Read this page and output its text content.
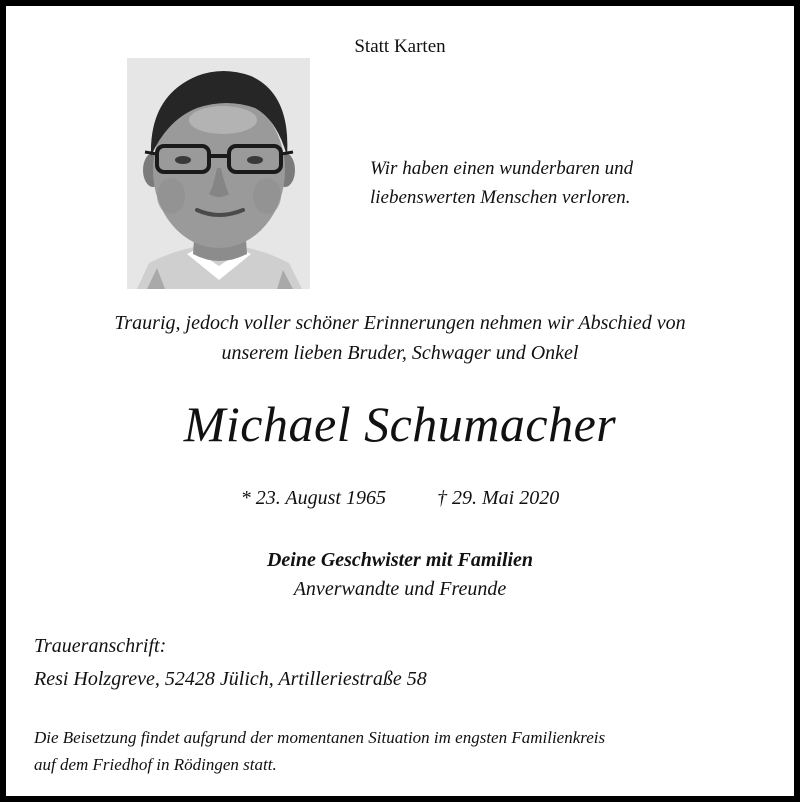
Statt Karten
Wir haben einen wunderbaren und
liebenswerten Menschen verloren.
Traurig, jedoch voller schöner Erinnerungen nehmen wir Abschied von
unserem lieben Bruder, Schwager und Onkel
Michael Schumacher
* 23. August 1965	† 29. Mai 2020
Deine Geschwister mit Familien
Anverwandte und Freunde
Traueranschrift:
Resi Holzgreve, 52428 Jülich, Artilleriestraße 58
Die Beisetzung findet aufgrund der momentanen Situation im engsten Familienkreis
auf dem Friedhof in Rödingen statt.
